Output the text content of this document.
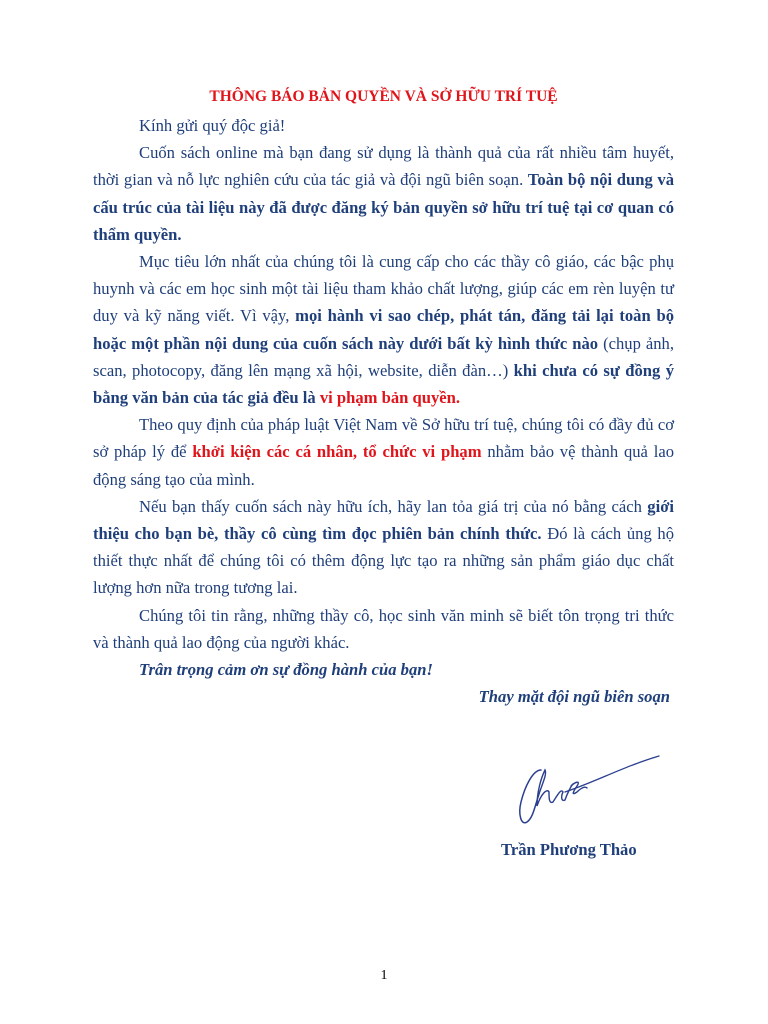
THÔNG BÁO BẢN QUYỀN VÀ SỞ HỮU TRÍ TUỆ

Kính gửi quý độc giả!

Cuốn sách online mà bạn đang sử dụng là thành quả của rất nhiều tâm huyết, thời gian và nỗ lực nghiên cứu của tác giả và đội ngũ biên soạn. Toàn bộ nội dung và cấu trúc của tài liệu này đã được đăng ký bản quyền sở hữu trí tuệ tại cơ quan có thẩm quyền.

Mục tiêu lớn nhất của chúng tôi là cung cấp cho các thầy cô giáo, các bậc phụ huynh và các em học sinh một tài liệu tham khảo chất lượng, giúp các em rèn luyện tư duy và kỹ năng viết. Vì vậy, mọi hành vi sao chép, phát tán, đăng tải lại toàn bộ hoặc một phần nội dung của cuốn sách này dưới bất kỳ hình thức nào (chụp ảnh, scan, photocopy, đăng lên mạng xã hội, website, diễn đàn…) khi chưa có sự đồng ý bằng văn bản của tác giả đều là vi phạm bản quyền.

Theo quy định của pháp luật Việt Nam về Sở hữu trí tuệ, chúng tôi có đầy đủ cơ sở pháp lý để khởi kiện các cá nhân, tổ chức vi phạm nhằm bảo vệ thành quả lao động sáng tạo của mình.

Nếu bạn thấy cuốn sách này hữu ích, hãy lan tỏa giá trị của nó bằng cách giới thiệu cho bạn bè, thầy cô cùng tìm đọc phiên bản chính thức. Đó là cách ủng hộ thiết thực nhất để chúng tôi có thêm động lực tạo ra những sản phẩm giáo dục chất lượng hơn nữa trong tương lai.

Chúng tôi tin rằng, những thầy cô, học sinh văn minh sẽ biết tôn trọng tri thức và thành quả lao động của người khác.

Trân trọng cảm ơn sự đồng hành của bạn!

Thay mặt đội ngũ biên soạn
Trần Phương Thảo
1
